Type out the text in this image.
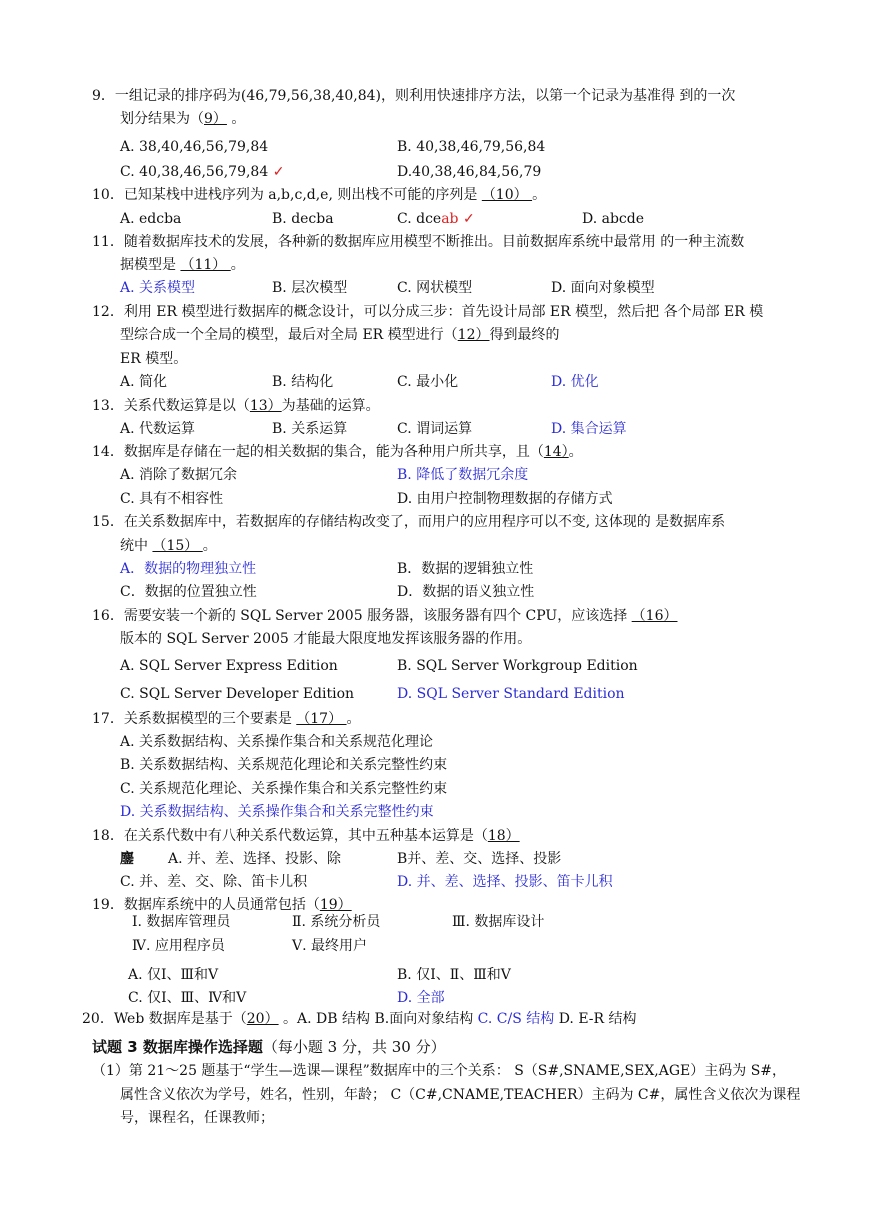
9．一组记录的排序码为(46,79,56,38,40,84)，则利用快速排序方法，以第一个记录为基准得 到的一次
划分结果为（9） 。
A. 38,40,46,56,79,84	B. 40,38,46,79,56,84
C. 40,38,46,56,79,84 ✓	D.40,38,46,84,56,79
10．已知某栈中进栈序列为 a,b,c,d,e, 则出栈不可能的序列是 （10） 。
A. edcba	B. decba	C. dceab ✓	D. abcde
11．随着数据库技术的发展，各种新的数据库应用模型不断推出。目前数据库系统中最常用 的一种主流数
据模型是 （11） 。
A. 关系模型	B. 层次模型	C. 网状模型	D. 面向对象模型
12．利用 ER 模型进行数据库的概念设计，可以分成三步：首先设计局部 ER 模型，然后把 各个局部 ER 模
型综合成一个全局的模型，最后对全局 ER 模型进行（12）得到最终的
ER 模型。
A. 简化	B. 结构化	C. 最小化	D. 优化
13．关系代数运算是以（13）为基础的运算。
A. 代数运算	B. 关系运算	C. 谓词运算	D. 集合运算
14．数据库是存储在一起的相关数据的集合，能为各种用户所共享，且（14）。
A. 消除了数据冗余	B. 降低了数据冗余度
C. 具有不相容性	D. 由用户控制物理数据的存储方式
15．在关系数据库中，若数据库的存储结构改变了，而用户的应用程序可以不变, 这体现的 是数据库系
统中 （15） 。
A．数据的物理独立性	B．数据的逻辑独立性
C．数据的位置独立性	D．数据的语义独立性
16．需要安装一个新的 SQL Server 2005 服务器，该服务器有四个 CPU，应该选择 （16）
版本的 SQL Server 2005 才能最大限度地发挥该服务器的作用。
A. SQL Server Express Edition	B. SQL Server Workgroup Edition
C. SQL Server Developer Edition	D. SQL Server Standard Edition
17．关系数据模型的三个要素是 （17） 。
A. 关系数据结构、关系操作集合和关系规范化理论
B. 关系数据结构、关系规范化理论和关系完整性约束
C. 关系规范化理论、关系操作集合和关系完整性约束
D. 关系数据结构、关系操作集合和关系完整性约束
18．在关系代数中有八种关系代数运算，其中五种基本运算是（18）
鏖 A. 并、差、选择、投影、除	B并、差、交、选择、投影
C. 并、差、交、除、笛卡儿积	D. 并、差、选择、投影、笛卡儿积
19．数据库系统中的人员通常包括（19）
Ⅰ. 数据库管理员	Ⅱ. 系统分析员	Ⅲ. 数据库设计
Ⅳ. 应用程序员	Ⅴ. 最终用户
A. 仅Ⅰ、Ⅲ和Ⅴ	B. 仅Ⅰ、Ⅱ、Ⅲ和Ⅴ
C. 仅Ⅰ、Ⅲ、Ⅳ和Ⅴ	D. 全部
20．Web 数据库是基于（20） 。A. DB 结构 B.面向对象结构 C. C/S 结构 D. E-R 结构
试题 3 数据库操作选择题（每小题 3 分，共 30 分）
（1）第 21～25 题基于“学生—选课—课程”数据库中的三个关系： S（S#,SNAME,SEX,AGE）主码为 S#，
属性含义依次为学号，姓名，性别，年龄； C（C#,CNAME,TEACHER）主码为 C#，属性含义依次为课程
号，课程名，任课教师；
